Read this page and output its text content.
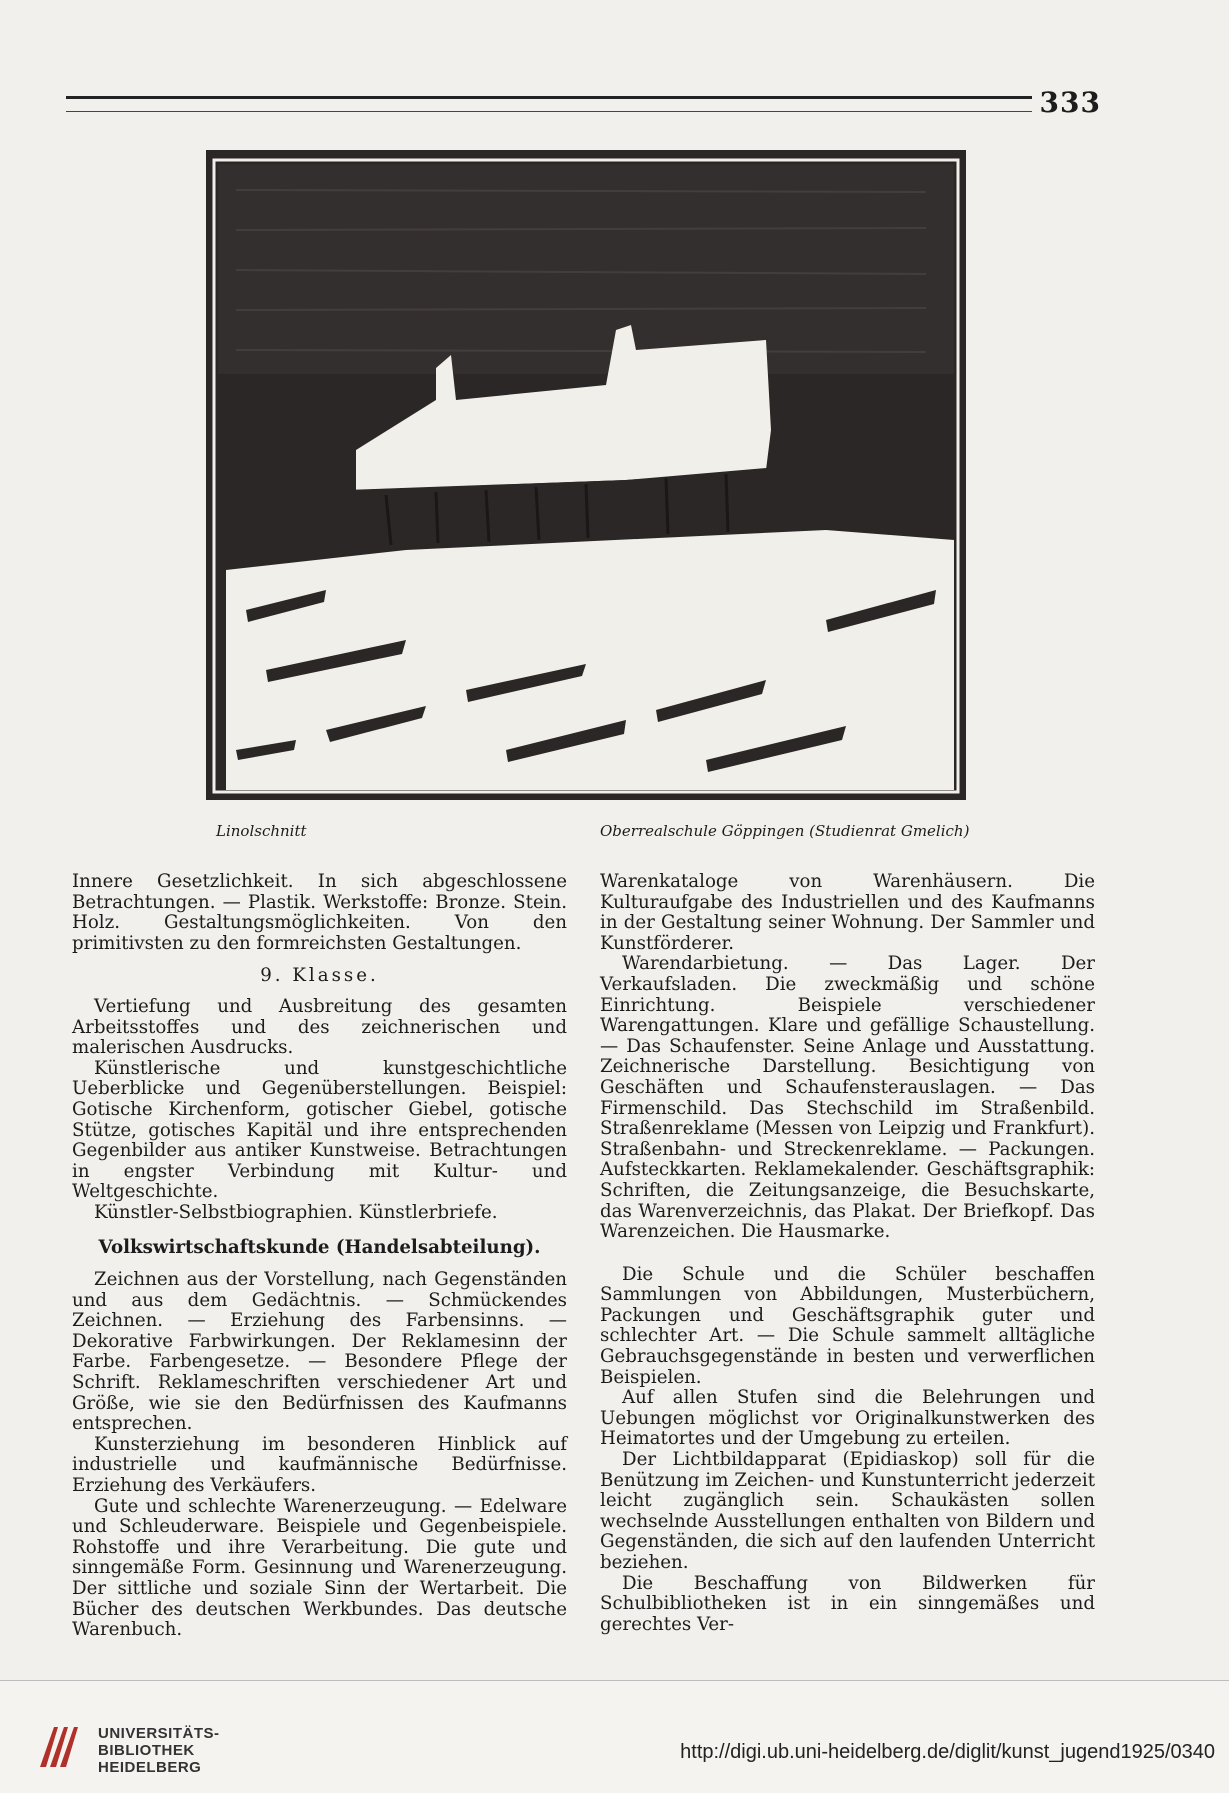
333
Linolschnitt	Oberrealschule Göppingen (Studienrat Gmelich)

Innere Gesetzlichkeit. In sich abgeschlossene Betrachtungen. — Plastik. Werkstoffe: Bronze. Stein. Holz. Gestaltungsmöglichkeiten. Von den primitivsten zu den formreichsten Gestaltungen.

9. Klasse.

Vertiefung und Ausbreitung des gesamten Arbeitsstoffes und des zeichnerischen und malerischen Ausdrucks.

Künstlerische und kunstgeschichtliche Ueberblicke und Gegenüberstellungen. Beispiel: Gotische Kirchenform, gotischer Giebel, gotische Stütze, gotisches Kapitäl und ihre entsprechenden Gegenbilder aus antiker Kunstweise. Betrachtungen in engster Verbindung mit Kultur- und Weltgeschichte.

Künstler-Selbstbiographien. Künstlerbriefe.

Volkswirtschaftskunde (Handelsabteilung).

Zeichnen aus der Vorstellung, nach Gegenständen und aus dem Gedächtnis. — Schmückendes Zeichnen. — Erziehung des Farbensinns. — Dekorative Farbwirkungen. Der Reklamesinn der Farbe. Farbengesetze. — Besondere Pflege der Schrift. Reklameschriften verschiedener Art und Größe, wie sie den Bedürfnissen des Kaufmanns entsprechen.

Kunsterziehung im besonderen Hinblick auf industrielle und kaufmännische Bedürfnisse. Erziehung des Verkäufers.

Gute und schlechte Warenerzeugung. — Edelware und Schleuderware. Beispiele und Gegenbeispiele. Rohstoffe und ihre Verarbeitung. Die gute und sinngemäße Form. Gesinnung und Warenerzeugung. Der sittliche und soziale Sinn der Wertarbeit. Die Bücher des deutschen Werkbundes. Das deutsche Warenbuch.

Warenkataloge von Warenhäusern. Die Kulturaufgabe des Industriellen und des Kaufmanns in der Gestaltung seiner Wohnung. Der Sammler und Kunstförderer.

Warendarbietung. — Das Lager. Der Verkaufsladen. Die zweckmäßig und schöne Einrichtung. Beispiele verschiedener Warengattungen. Klare und gefällige Schaustellung. — Das Schaufenster. Seine Anlage und Ausstattung. Zeichnerische Darstellung. Besichtigung von Geschäften und Schaufensterauslagen. — Das Firmenschild. Das Stechschild im Straßenbild. Straßenreklame (Messen von Leipzig und Frankfurt). Straßenbahn- und Streckenreklame. — Packungen. Aufsteckkarten. Reklamekalender. Geschäftsgraphik: Schriften, die Zeitungsanzeige, die Besuchskarte, das Warenverzeichnis, das Plakat. Der Briefkopf. Das Warenzeichen. Die Hausmarke.

Die Schule und die Schüler beschaffen Sammlungen von Abbildungen, Musterbüchern, Packungen und Geschäftsgraphik guter und schlechter Art. — Die Schule sammelt alltägliche Gebrauchsgegenstände in besten und verwerflichen Beispielen.

Auf allen Stufen sind die Belehrungen und Uebungen möglichst vor Originalkunstwerken des Heimatortes und der Umgebung zu erteilen.

Der Lichtbildapparat (Epidiaskop) soll für die Benützung im Zeichen- und Kunstunterricht jederzeit leicht zugänglich sein. Schaukästen sollen wechselnde Ausstellungen enthalten von Bildern und Gegenständen, die sich auf den laufenden Unterricht beziehen.

Die Beschaffung von Bildwerken für Schulbibliotheken ist in ein sinngemäßes und gerechtes Ver-

UNIVERSITÄTS-
BIBLIOTHEK
HEIDELBERG
http://digi.ub.uni-heidelberg.de/diglit/kunst_jugend1925/0340
